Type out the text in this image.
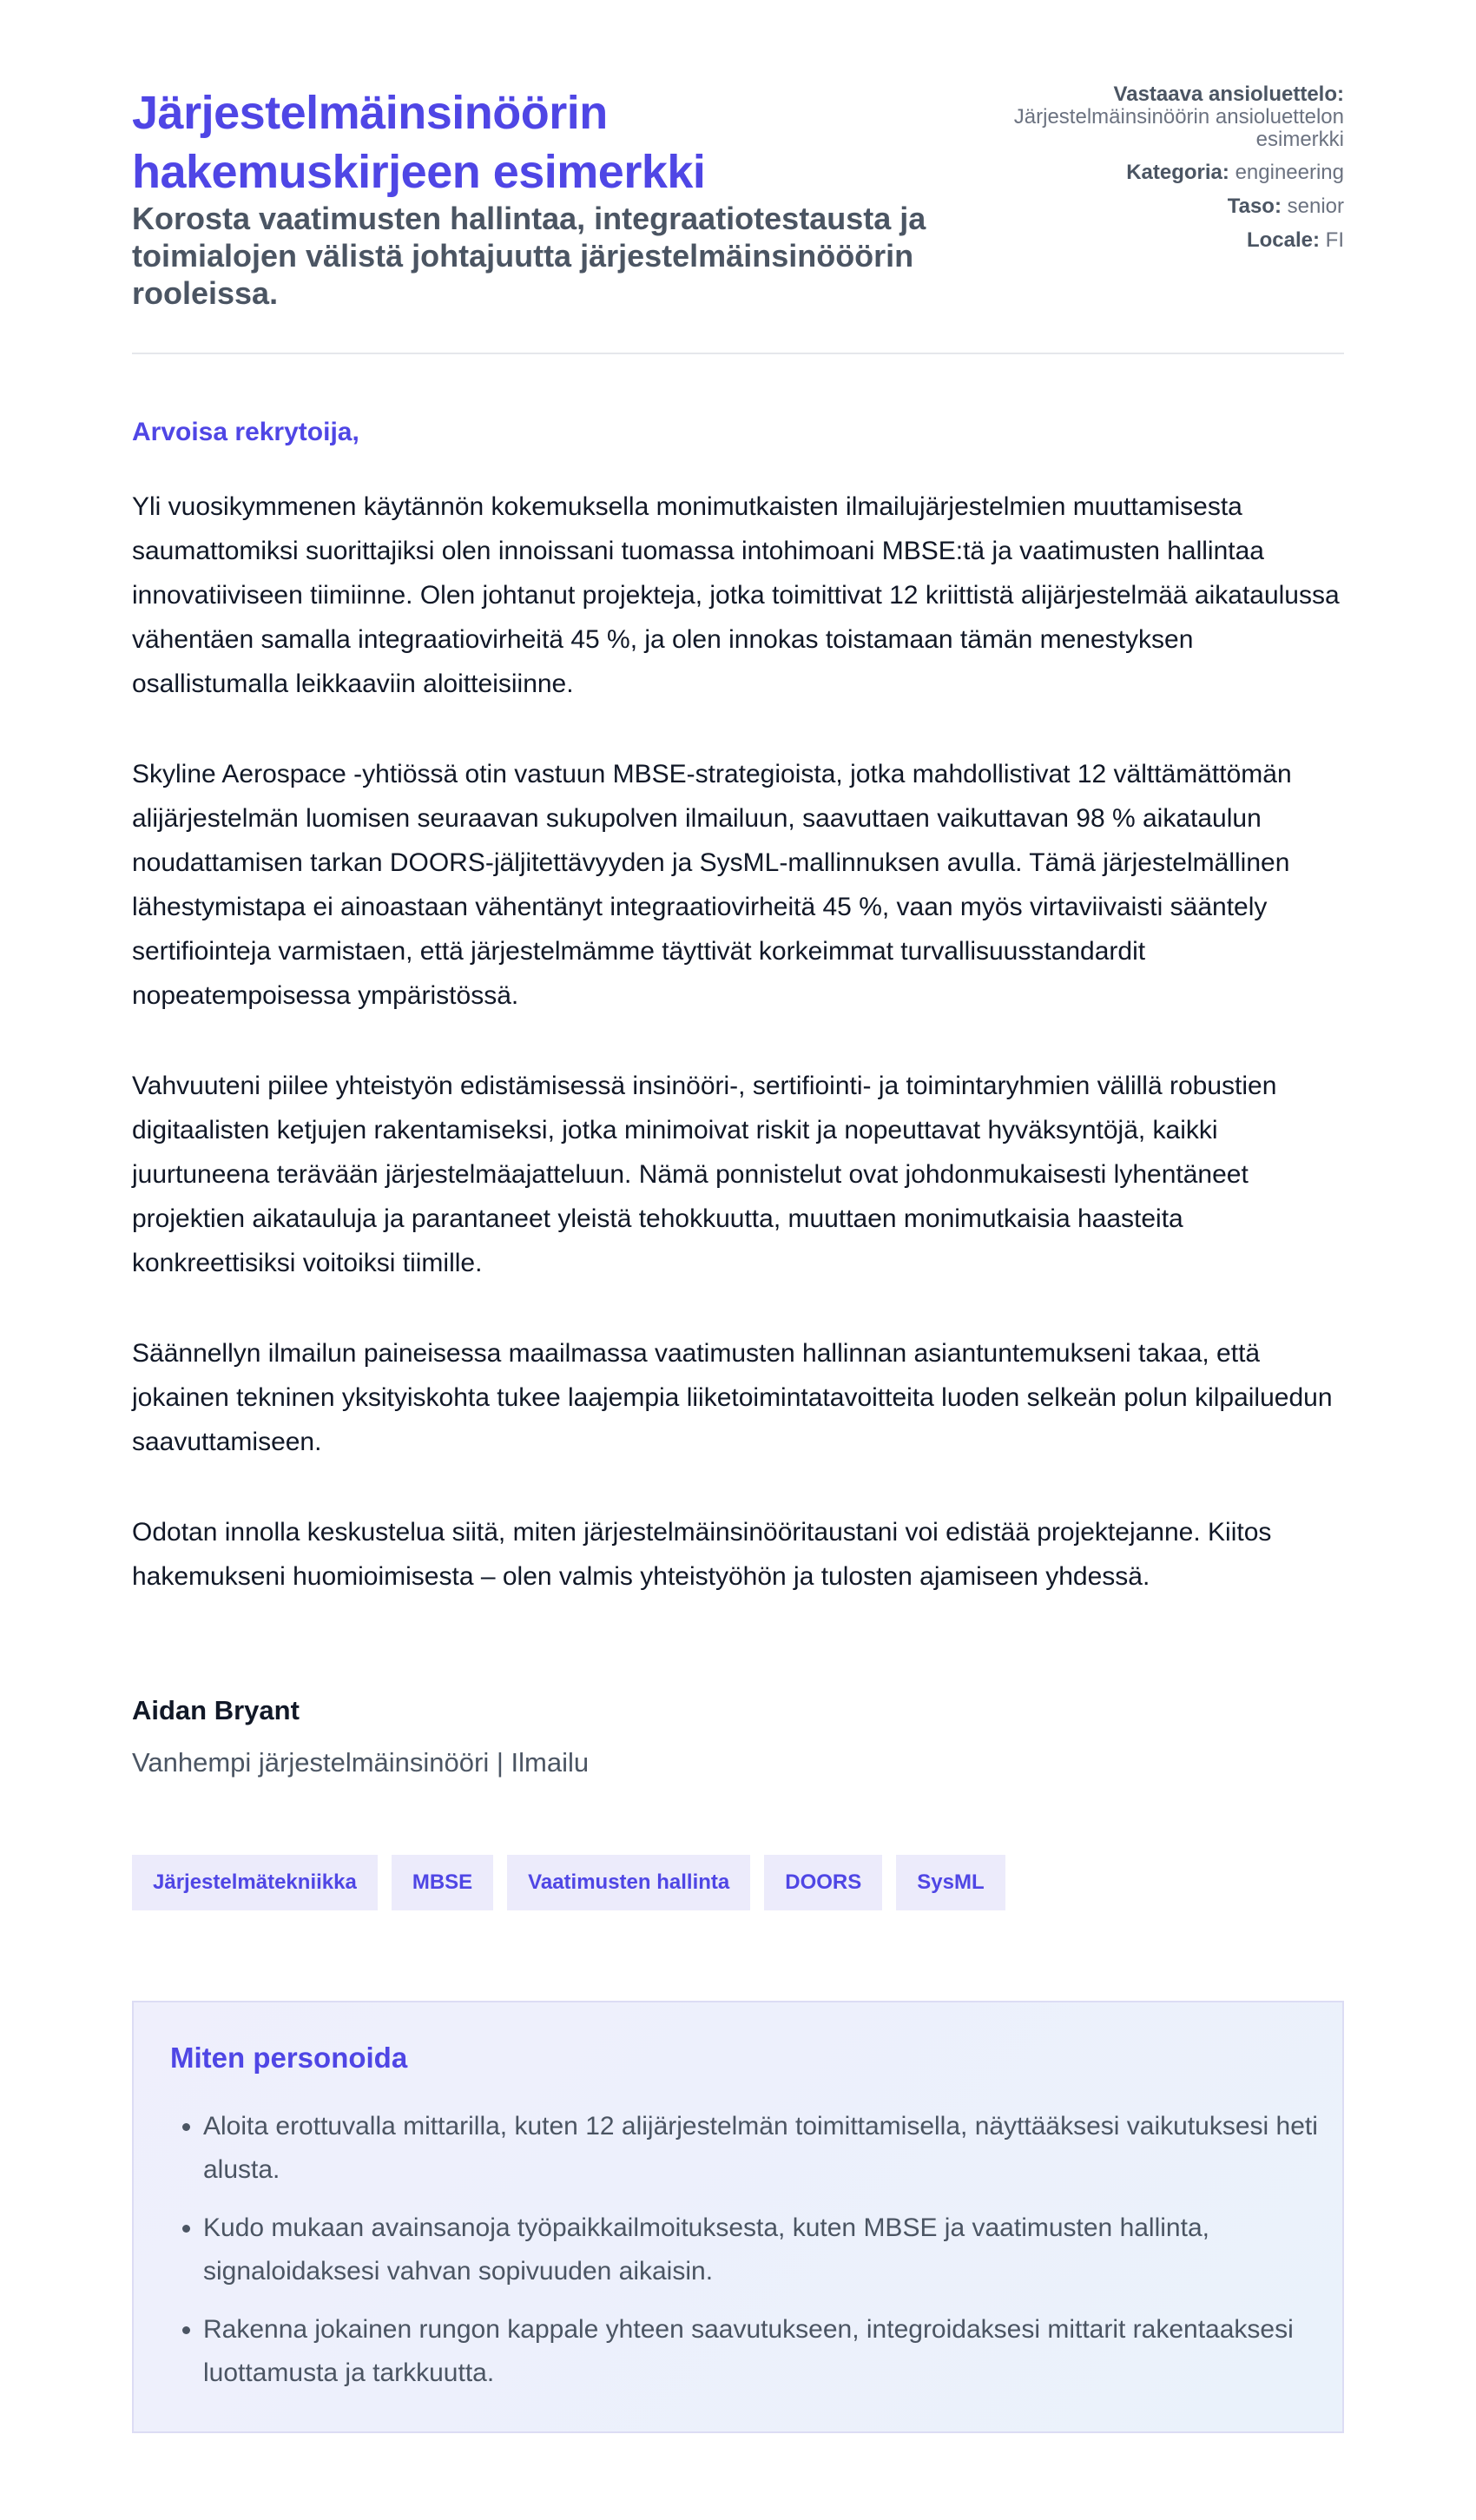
Järjestelmäinsinöörin hakemuskirjeen esimerkki
Korosta vaatimusten hallintaa, integraatiotestausta ja toimialojen välistä johtajuutta järjestelmäinsinööörin rooleissa.
Vastaava ansioluettelo:
Järjestelmäinsinöörin ansioluettelon esimerkki
Kategoria: engineering
Taso: senior
Locale: FI

Arvoisa rekrytoija,

Yli vuosikymmenen käytännön kokemuksella monimutkaisten ilmailujärjestelmien muuttamisesta saumattomiksi suorittajiksi olen innoissani tuomassa intohimoani MBSE:tä ja vaatimusten hallintaa innovatiiviseen tiimiinne. Olen johtanut projekteja, jotka toimittivat 12 kriittistä alijärjestelmää aikataulussa vähentäen samalla integraatiovirheitä 45 %, ja olen innokas toistamaan tämän menestyksen osallistumalla leikkaaviin aloitteisiinne.

Skyline Aerospace -yhtiössä otin vastuun MBSE-strategioista, jotka mahdollistivat 12 välttämättömän alijärjestelmän luomisen seuraavan sukupolven ilmailuun, saavuttaen vaikuttavan 98 % aikataulun noudattamisen tarkan DOORS-jäljitettävyyden ja SysML-mallinnuksen avulla. Tämä järjestelmällinen lähestymistapa ei ainoastaan vähentänyt integraatiovirheitä 45 %, vaan myös virtaviivaisti sääntely sertifiointeja varmistaen, että järjestelmämme täyttivät korkeimmat turvallisuusstandardit nopeatempoisessa ympäristössä.

Vahvuuteni piilee yhteistyön edistämisessä insinööri-, sertifiointi- ja toimintaryhmien välillä robustien digitaalisten ketjujen rakentamiseksi, jotka minimoivat riskit ja nopeuttavat hyväksyntöjä, kaikki juurtuneena terävään järjestelmäajatteluun. Nämä ponnistelut ovat johdonmukaisesti lyhentäneet projektien aikatauluja ja parantaneet yleistä tehokkuutta, muuttaen monimutkaisia haasteita konkreettisiksi voitoiksi tiimille.

Säännellyn ilmailun paineisessa maailmassa vaatimusten hallinnan asiantuntemukseni takaa, että jokainen tekninen yksityiskohta tukee laajempia liiketoimintatavoitteita luoden selkeän polun kilpailuedun saavuttamiseen.

Odotan innolla keskustelua siitä, miten järjestelmäinsinööritaustani voi edistää projektejanne. Kiitos hakemukseni huomioimisesta – olen valmis yhteistyöhön ja tulosten ajamiseen yhdessä.

Aidan Bryant
Vanhempi järjestelmäinsinööri | Ilmailu
Järjestelmätekniikka	MBSE	Vaatimusten hallinta	DOORS	SysML
Miten personoida
• Aloita erottuvalla mittarilla, kuten 12 alijärjestelmän toimittamisella, näyttääksesi vaikutuksesi heti alusta.
• Kudo mukaan avainsanoja työpaikkailmoituksesta, kuten MBSE ja vaatimusten hallinta, signaloidaksesi vahvan sopivuuden aikaisin.
• Rakenna jokainen rungon kappale yhteen saavutukseen, integroidaksesi mittarit rakentaaksesi luottamusta ja tarkkuutta.
